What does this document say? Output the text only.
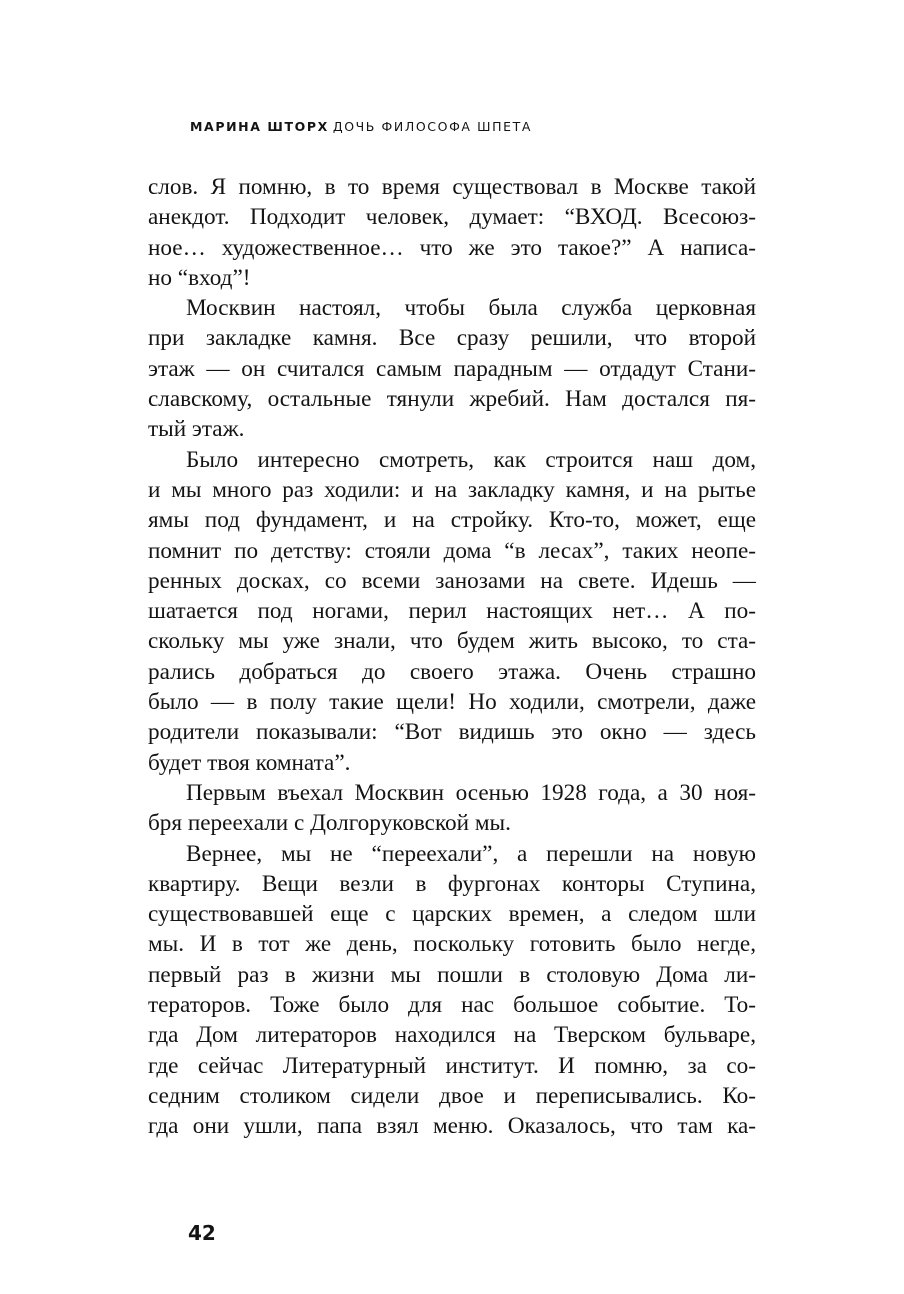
МАРИНА ШТОРХ ДОЧЬ ФИЛОСОФА ШПЕТА
слов. Я помню, в то время существовал в Москве такой
анекдот. Подходит человек, думает: “ВХОД. Всесоюз-
ное… художественное… что же это такое?” А написа-
но “вход”!
Москвин настоял, чтобы была служба церковная
при закладке камня. Все сразу решили, что второй
этаж — он считался самым парадным — отдадут Стани-
славскому, остальные тянули жребий. Нам достался пя-
тый этаж.
Было интересно смотреть, как строится наш дом,
и мы много раз ходили: и на закладку камня, и на рытье
ямы под фундамент, и на стройку. Кто-то, может, еще
помнит по детству: стояли дома “в лесах”, таких неопе-
ренных досках, со всеми занозами на свете. Идешь —
шатается под ногами, перил настоящих нет… А по-
скольку мы уже знали, что будем жить высоко, то ста-
рались добраться до своего этажа. Очень страшно
было — в полу такие щели! Но ходили, смотрели, даже
родители показывали: “Вот видишь это окно — здесь
будет твоя комната”.
Первым въехал Москвин осенью 1928 года, а 30 ноя-
бря переехали с Долгоруковской мы.
Вернее, мы не “переехали”, а перешли на новую
квартиру. Вещи везли в фургонах конторы Ступина,
существовавшей еще с царских времен, а следом шли
мы. И в тот же день, поскольку готовить было негде,
первый раз в жизни мы пошли в столовую Дома ли-
тераторов. Тоже было для нас большое событие. То-
гда Дом литераторов находился на Тверском бульваре,
где сейчас Литературный институт. И помню, за со-
седним столиком сидели двое и переписывались. Ко-
гда они ушли, папа взял меню. Оказалось, что там ка-
42
